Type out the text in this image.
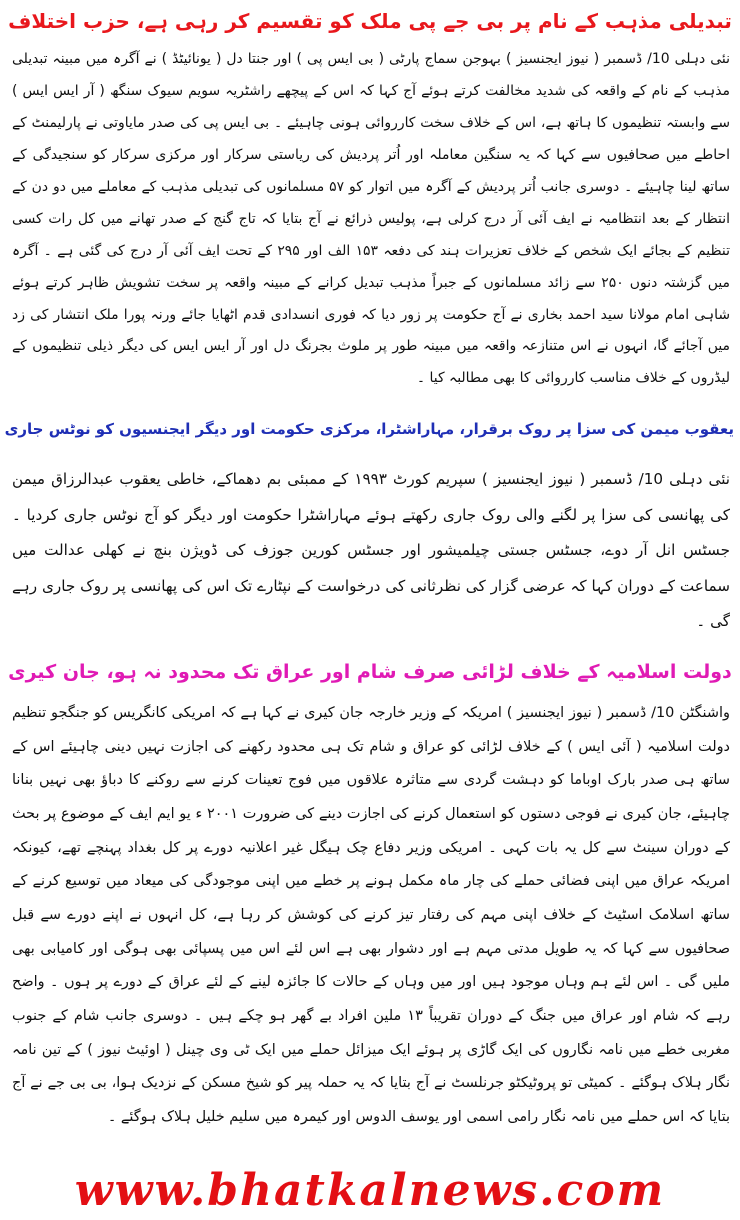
تبدیلی مذہب کے نام پر بی جے پی ملک کو تقسیم کر رہی ہے، حزب اختلاف
نئی دہلی 10/ ڈسمبر ( نیوز ایجنسیز ) بہوجن سماج پارٹی ( بی ایس پی ) اور جنتا دل ( یونائیٹڈ ) نے آگرہ میں مبینہ تبدیلی مذہب کے نام کے واقعہ کی شدید مخالفت کرتے ہوئے آج کہا کہ اس کے پیچھے راشٹریہ سویم سیوک سنگھ ( آر ایس ایس ) سے وابستہ تنظیموں کا ہاتھ ہے، اس کے خلاف سخت کارروائی ہونی چاہیئے ۔ بی ایس پی کی صدر مایاوتی نے پارلیمنٹ کے احاطے میں صحافیوں سے کہا کہ یہ سنگین معاملہ اور اُتر پردیش کی ریاستی سرکار اور مرکزی سرکار کو سنجیدگی کے ساتھ لینا چاہیئے ۔ دوسری جانب اُتر پردیش کے آگرہ میں اتوار کو ۵۷ مسلمانوں کی تبدیلی مذہب کے معاملے میں دو دن کے انتظار کے بعد انتظامیہ نے ایف آئی آر درج کرلی ہے، پولیس ذرائع نے آج بتایا کہ تاج گنج کے صدر تھانے میں کل رات کسی تنظیم کے بجائے ایک شخص کے خلاف تعزیرات ہند کی دفعہ ۱۵۳ الف اور ۲۹۵ کے تحت ایف آئی آر درج کی گئی ہے ۔ آگرہ میں گزشتہ دنوں ۲۵۰ سے زائد مسلمانوں کے جبراً مذہب تبدیل کرانے کے مبینہ واقعہ پر سخت تشویش ظاہر کرتے ہوئے شاہی امام مولانا سید احمد بخاری نے آج حکومت پر زور دیا کہ فوری انسدادی قدم اٹھایا جائے ورنہ پورا ملک انتشار کی زد میں آجائے گا، انہوں نے اس متنازعہ واقعہ میں مبینہ طور پر ملوث بجرنگ دل اور آر ایس ایس کی دیگر ذیلی تنظیموں کے لیڈروں کے خلاف مناسب کارروائی کا بھی مطالبہ کیا ۔
یعقوب میمن کی سزا پر روک برقرار، مہاراشٹرا، مرکزی حکومت اور دیگر ایجنسیوں کو نوٹس جاری
نئی دہلی 10/ ڈسمبر ( نیوز ایجنسیز ) سپریم کورٹ ۱۹۹۳ کے ممبئی بم دھماکے، خاطی یعقوب عبدالرزاق میمن کی پھانسی کی سزا پر لگنے والی روک جاری رکھتے ہوئے مہاراشٹرا حکومت اور دیگر کو آج نوٹس جاری کردیا ۔ جسٹس انل آر دوے، جسٹس جستی چیلمیشور اور جسٹس کورین جوزف کی ڈویژن بنچ نے کھلی عدالت میں سماعت کے دوران کہا کہ عرضی گزار کی نظرثانی کی درخواست کے نپٹارے تک اس کی پھانسی پر روک جاری رہے گی ۔
دولت اسلامیہ کے خلاف لڑائی صرف شام اور عراق تک محدود نہ ہو، جان کیری
واشنگٹن 10/ ڈسمبر ( نیوز ایجنسیز ) امریکہ کے وزیر خارجہ جان کیری نے کہا ہے کہ امریکی کانگریس کو جنگجو تنظیم دولت اسلامیہ ( آئی ایس ) کے خلاف لڑائی کو عراق و شام تک ہی محدود رکھنے کی اجازت نہیں دینی چاہیئے اس کے ساتھ ہی صدر بارک اوباما کو دہشت گردی سے متاثرہ علاقوں میں فوج تعینات کرنے سے روکنے کا دباؤ بھی نہیں بنانا چاہیئے، جان کیری نے فوجی دستوں کو استعمال کرنے کی اجازت دینے کی ضرورت ۲۰۰۱ ء یو ایم ایف کے موضوع پر بحث کے دوران سینٹ سے کل یہ بات کہی ۔ امریکی وزیر دفاع چک ہیگل غیر اعلانیہ دورے پر کل بغداد پہنچے تھے، کیونکہ امریکہ عراق میں اپنی فضائی حملے کی چار ماہ مکمل ہونے پر خطے میں اپنی موجودگی کی میعاد میں توسیع کرنے کے ساتھ اسلامک اسٹیٹ کے خلاف اپنی مہم کی رفتار تیز کرنے کی کوشش کر رہا ہے، کل انہوں نے اپنے دورے سے قبل صحافیوں سے کہا کہ یہ طویل مدتی مہم ہے اور دشوار بھی ہے اس لئے اس میں پسپائی بھی ہوگی اور کامیابی بھی ملیں گی ۔ اس لئے ہم وہاں موجود ہیں اور میں وہاں کے حالات کا جائزہ لینے کے لئے عراق کے دورے پر ہوں ۔ واضح رہے کہ شام اور عراق میں جنگ کے دوران تقریباً ۱۳ ملین افراد بے گھر ہو چکے ہیں ۔ دوسری جانب شام کے جنوب مغربی خطے میں نامہ نگاروں کی ایک گاڑی پر ہوئے ایک میزائل حملے میں ایک ٹی وی چینل ( اوئیٹ نیوز ) کے تین نامہ نگار ہلاک ہوگئے ۔ کمیٹی تو پروٹیکٹو جرنلسٹ نے آج بتایا کہ یہ حملہ پیر کو شیخ مسکن کے نزدیک ہوا، بی بی جے نے آج بتایا کہ اس حملے میں نامہ نگار رامی اسمی اور یوسف الدوس اور کیمرہ میں سلیم خلیل ہلاک ہوگئے ۔
www.bhatkalnews.com
